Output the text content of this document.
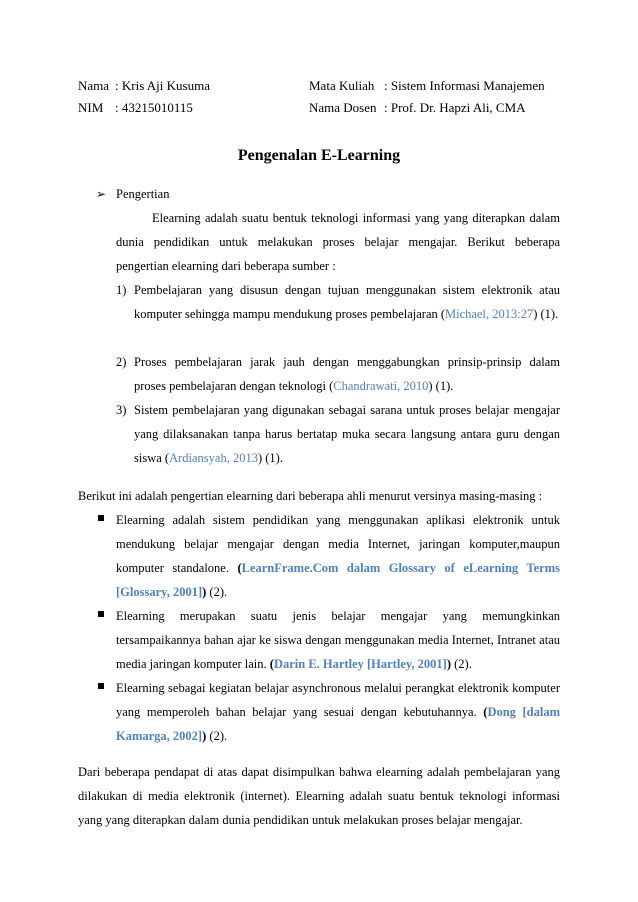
Nama : Kris Aji Kusuma
NIM : 43215010115
Mata Kuliah : Sistem Informasi Manajemen
Nama Dosen : Prof. Dr. Hapzi Ali, CMA
Pengenalan E-Learning
➢ Pengertian
Elearning adalah suatu bentuk teknologi informasi yang yang diterapkan dalam dunia pendidikan untuk melakukan proses belajar mengajar. Berikut beberapa pengertian elearning dari beberapa sumber :
1) Pembelajaran yang disusun dengan tujuan menggunakan sistem elektronik atau komputer sehingga mampu mendukung proses pembelajaran (Michael, 2013:27) (1).
2) Proses pembelajaran jarak jauh dengan menggabungkan prinsip-prinsip dalam proses pembelajaran dengan teknologi (Chandrawati, 2010) (1).
3) Sistem pembelajaran yang digunakan sebagai sarana untuk proses belajar mengajar yang dilaksanakan tanpa harus bertatap muka secara langsung antara guru dengan siswa (Ardiansyah, 2013) (1).
Berikut ini adalah pengertian elearning dari beberapa ahli menurut versinya masing-masing :
Elearning adalah sistem pendidikan yang menggunakan aplikasi elektronik untuk mendukung belajar mengajar dengan media Internet, jaringan komputer,maupun komputer standalone. (LearnFrame.Com dalam Glossary of eLearning Terms [Glossary, 2001]) (2).
Elearning merupakan suatu jenis belajar mengajar yang memungkinkan tersampaikannya bahan ajar ke siswa dengan menggunakan media Internet, Intranet atau media jaringan komputer lain. (Darin E. Hartley [Hartley, 2001]) (2).
Elearning sebagai kegiatan belajar asynchronous melalui perangkat elektronik komputer yang memperoleh bahan belajar yang sesuai dengan kebutuhannya. (Dong [dalam Kamarga, 2002]) (2).
Dari beberapa pendapat di atas dapat disimpulkan bahwa elearning adalah pembelajaran yang dilakukan di media elektronik (internet). Elearning adalah suatu bentuk teknologi informasi yang yang diterapkan dalam dunia pendidikan untuk melakukan proses belajar mengajar.
